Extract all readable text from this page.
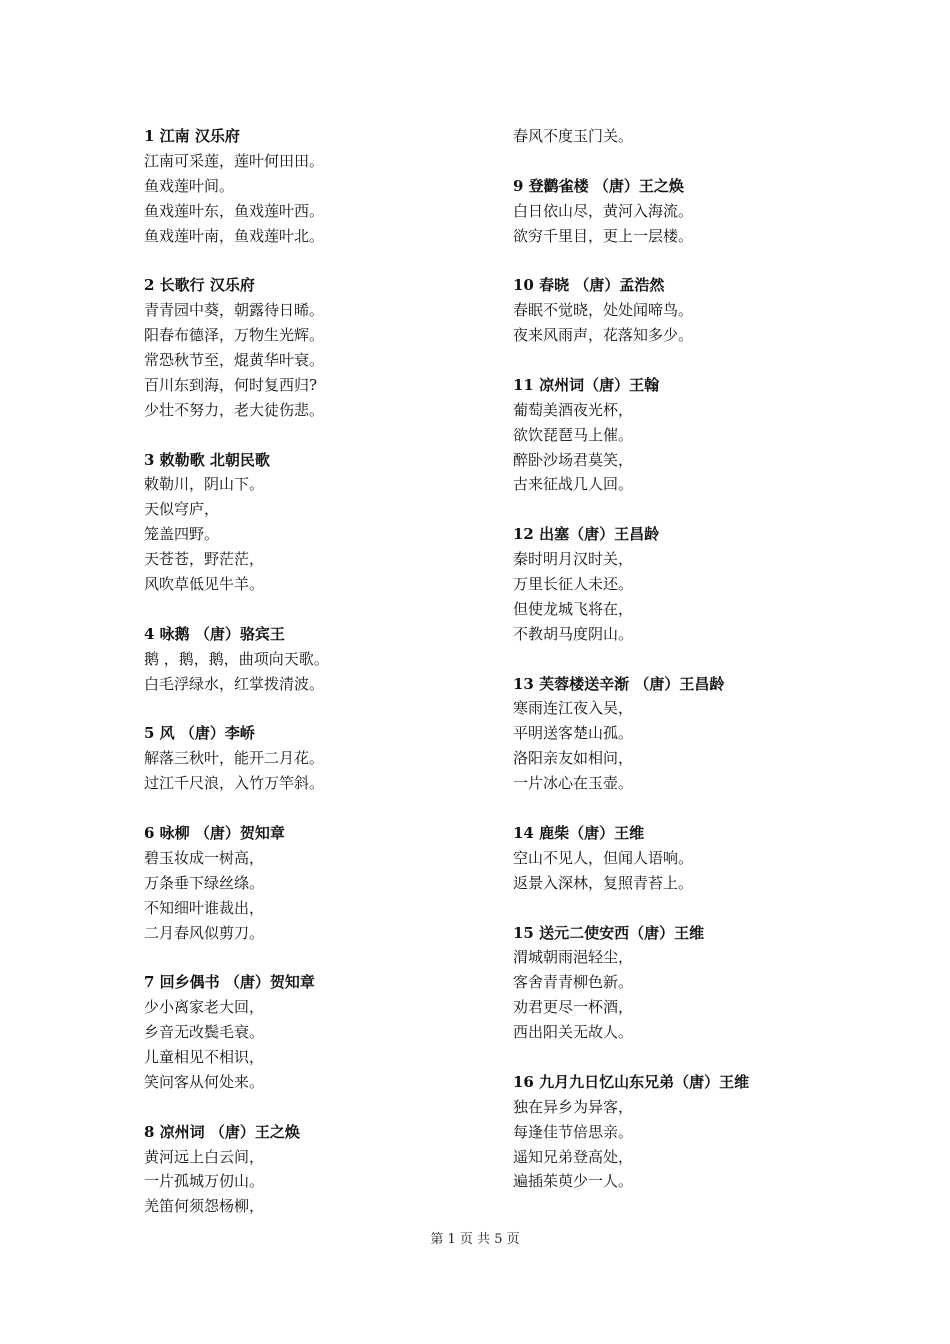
1 江南 汉乐府
江南可采莲，莲叶何田田。
鱼戏莲叶间。
鱼戏莲叶东，鱼戏莲叶西。
鱼戏莲叶南，鱼戏莲叶北。
2 长歌行 汉乐府
青青园中葵，朝露待日晞。
阳春布德泽，万物生光辉。
常恐秋节至，焜黄华叶衰。
百川东到海，何时复西归?
少壮不努力，老大徒伤悲。
3 敕勒歌 北朝民歌
敕勒川，阴山下。
天似穹庐，
笼盖四野。
天苍苍，野茫茫，
风吹草低见牛羊。
4 咏鹅 （唐）骆宾王
鹅 ，鹅，鹅，曲项向天歌。
白毛浮绿水，红掌拨清波。
5 风 （唐）李峤
解落三秋叶，能开二月花。
过江千尺浪，入竹万竿斜。
6 咏柳 （唐）贺知章
碧玉妆成一树高，
万条垂下绿丝绦。
不知细叶谁裁出，
二月春风似剪刀。
7 回乡偶书 （唐）贺知章
少小离家老大回，
乡音无改鬓毛衰。
儿童相见不相识，
笑问客从何处来。
8 凉州词 （唐）王之焕
黄河远上白云间，
一片孤城万仞山。
羌笛何须怨杨柳，
春风不度玉门关。
9 登鹳雀楼 （唐）王之焕
白日依山尽，黄河入海流。
欲穷千里目，更上一层楼。
10 春晓 （唐）孟浩然
春眠不觉晓，处处闻啼鸟。
夜来风雨声，花落知多少。
11 凉州词（唐）王翰
葡萄美酒夜光杯，
欲饮琵琶马上催。
醉卧沙场君莫笑，
古来征战几人回。
12 出塞（唐）王昌龄
秦时明月汉时关，
万里长征人未还。
但使龙城飞将在，
不教胡马度阴山。
13 芙蓉楼送辛渐 （唐）王昌龄
寒雨连江夜入吴，
平明送客楚山孤。
洛阳亲友如相问，
一片冰心在玉壶。
14 鹿柴（唐）王维
空山不见人，但闻人语响。
返景入深林，复照青苔上。
15 送元二使安西（唐）王维
渭城朝雨浥轻尘，
客舍青青柳色新。
劝君更尽一杯酒，
西出阳关无故人。
16 九月九日忆山东兄弟（唐）王维
独在异乡为异客，
每逢佳节倍思亲。
遥知兄弟登高处，
遍插茱萸少一人。
第 1 页 共 5 页
